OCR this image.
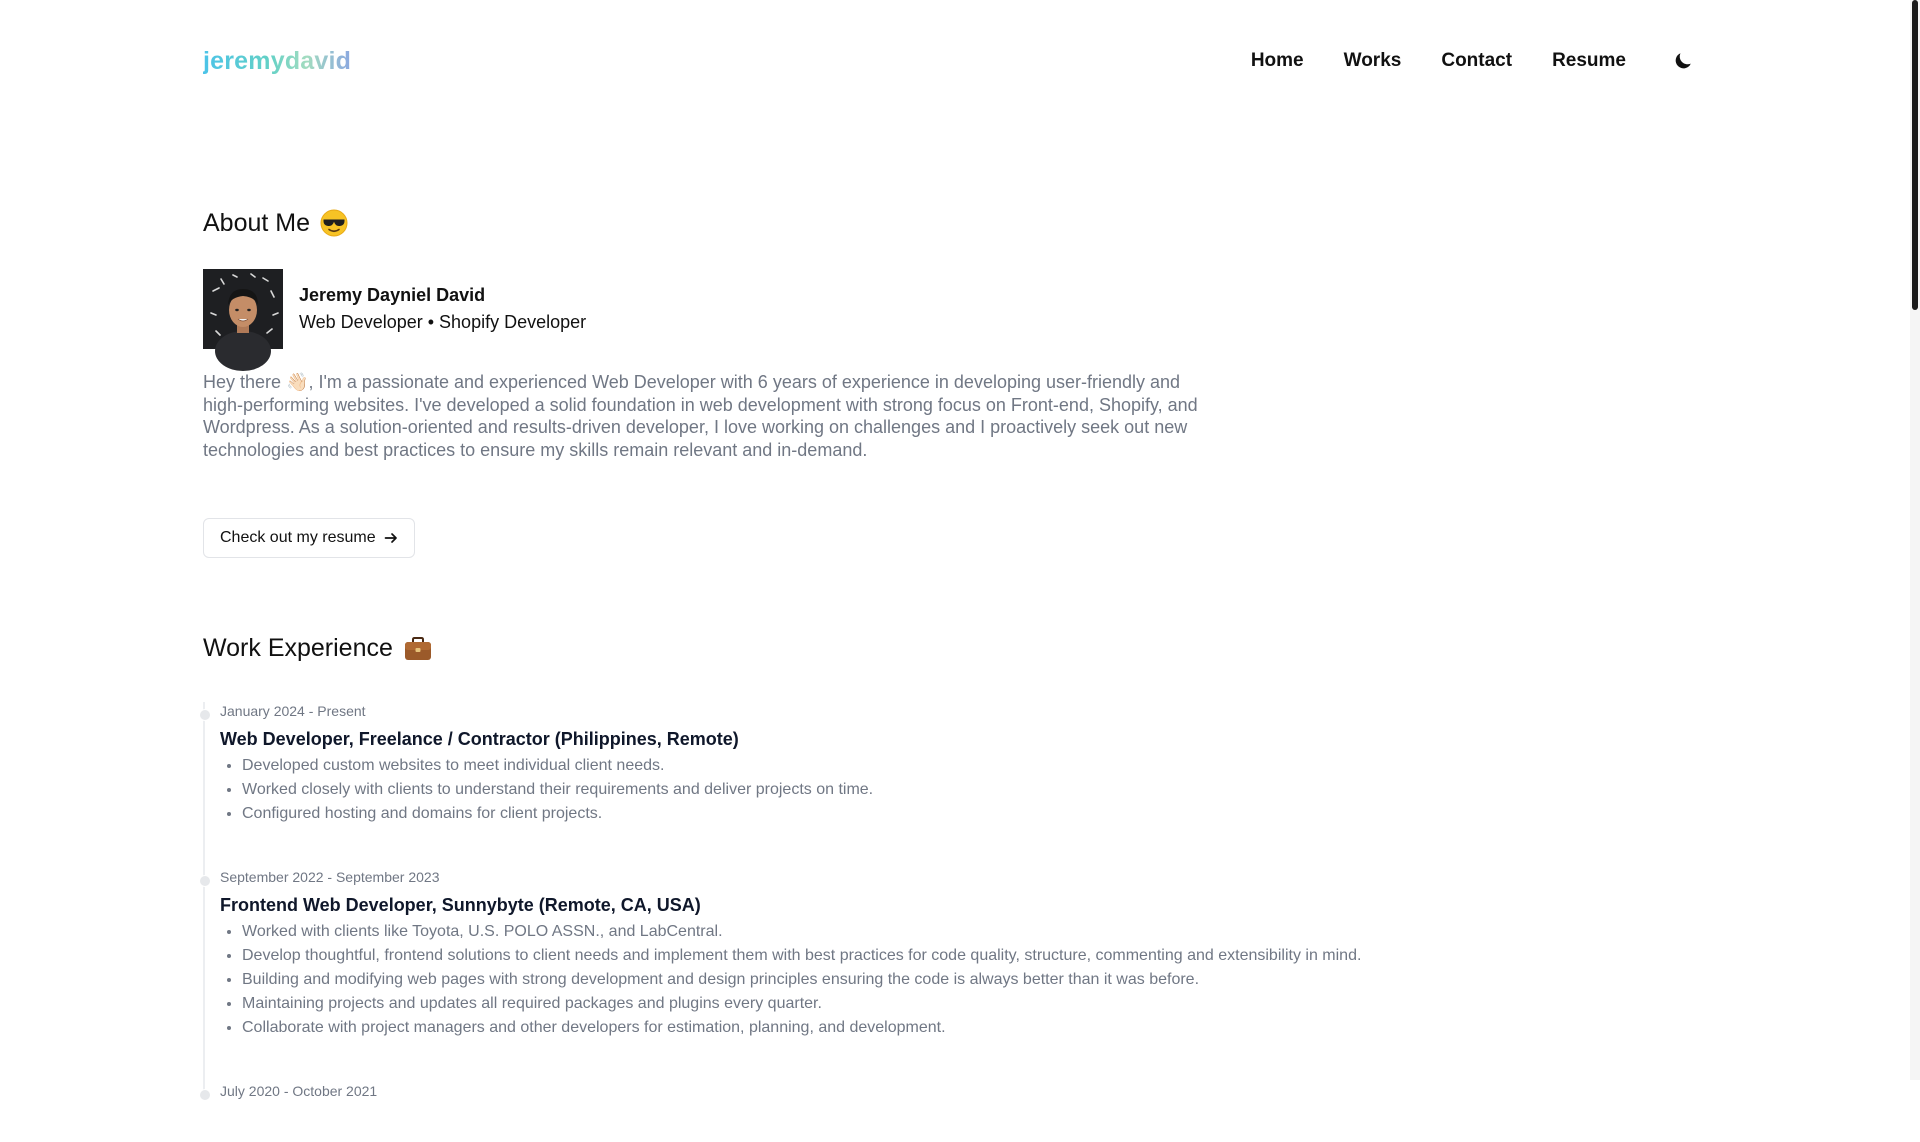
jeremydavid	Home Works Contact Resume
About Me
Jeremy Dayniel David
Web Developer • Shopify Developer

Hey there 👋🏻, I'm a passionate and experienced Web Developer with 6 years of experience in developing user-friendly and high-performing websites. I've developed a solid foundation in web development with strong focus on Front-end, Shopify, and Wordpress. As a solution-oriented and results-driven developer, I love working on challenges and I proactively seek out new technologies and best practices to ensure my skills remain relevant and in-demand.

Check out my resume
Work Experience
January 2024 - Present
Web Developer, Freelance / Contractor (Philippines, Remote)
• Developed custom websites to meet individual client needs.
• Worked closely with clients to understand their requirements and deliver projects on time.
• Configured hosting and domains for client projects.
September 2022 - September 2023
Frontend Web Developer, Sunnybyte (Remote, CA, USA)
• Worked with clients like Toyota, U.S. POLO ASSN., and LabCentral.
• Develop thoughtful, frontend solutions to client needs and implement them with best practices for code quality, structure, commenting and extensibility in mind.
• Building and modifying web pages with strong development and design principles ensuring the code is always better than it was before.
• Maintaining projects and updates all required packages and plugins every quarter.
• Collaborate with project managers and other developers for estimation, planning, and development.
July 2020 - October 2021
